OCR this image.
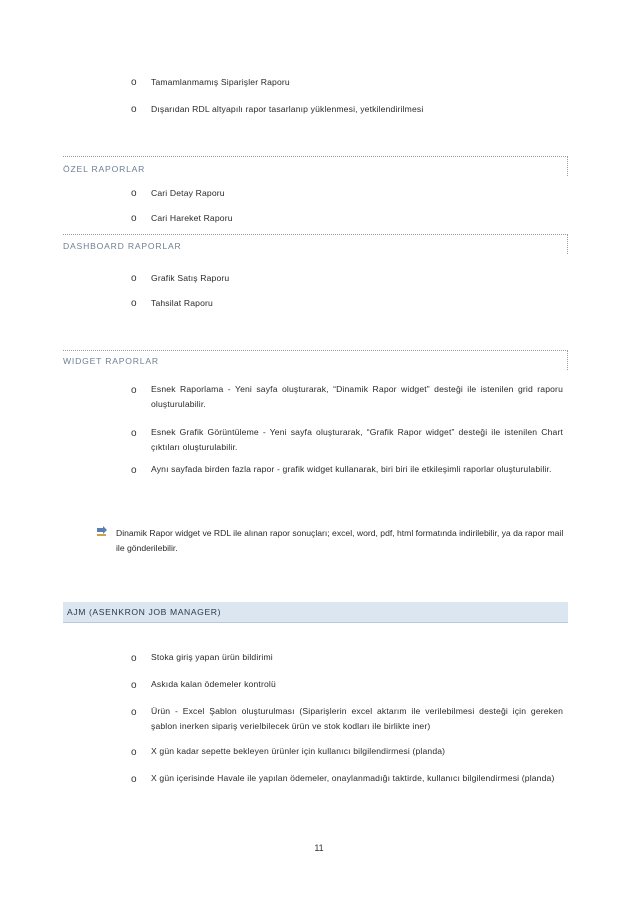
o Tamamlanmamış Siparişler Raporu
o Dışarıdan RDL altyapılı rapor tasarlanıp yüklenmesi, yetkilendirilmesi
ÖZEL RAPORLAR
o Cari Detay Raporu
o Cari Hareket Raporu
DASHBOARD RAPORLAR
o Grafik Satış Raporu
o Tahsilat Raporu
WIDGET RAPORLAR
o Esnek Raporlama - Yeni sayfa oluşturarak, “Dinamik Rapor widget” desteği ile istenilen grid raporu oluşturulabilir.
o Esnek Grafik Görüntüleme - Yeni sayfa oluşturarak, “Grafik Rapor widget” desteği ile istenilen Chart çıktıları oluşturulabilir.
o Aynı sayfada birden fazla rapor - grafik widget kullanarak, biri biri ile etkileşimli raporlar oluşturulabilir.
Dinamik Rapor widget ve RDL ile alınan rapor sonuçları; excel, word, pdf, html formatında indirilebilir, ya da rapor mail ile gönderilebilir.
AJM (ASENKRON JOB MANAGER)
o Stoka giriş yapan ürün bildirimi
o Askıda kalan ödemeler kontrolü
o Ürün - Excel Şablon oluşturulması (Siparişlerin excel aktarım ile verilebilmesi desteği için gereken şablon inerken sipariş verielbilecek ürün ve stok kodları ile birlikte iner)
o X gün kadar sepette bekleyen ürünler için kullanıcı bilgilendirmesi (planda)
o X gün içerisinde Havale ile yapılan ödemeler, onaylanmadığı taktirde, kullanıcı bilgilendirmesi (planda)
11
